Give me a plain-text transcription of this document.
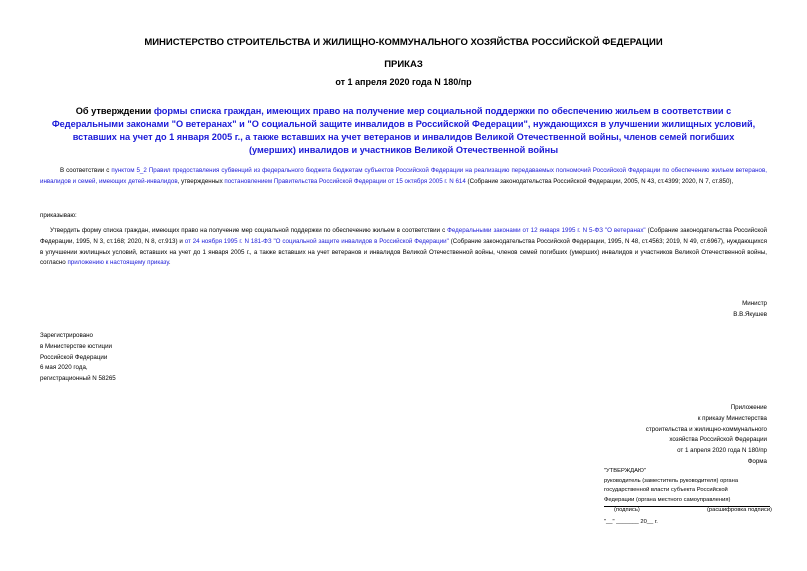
МИНИСТЕРСТВО СТРОИТЕЛЬСТВА И ЖИЛИЩНО-КОММУНАЛЬНОГО ХОЗЯЙСТВА РОССИЙСКОЙ ФЕДЕРАЦИИ
ПРИКАЗ
от 1 апреля 2020 года N 180/пр
Об утверждении формы списка граждан, имеющих право на получение мер социальной поддержки по обеспечению жильем в соответствии с Федеральными законами "О ветеранах" и "О социальной защите инвалидов в Российской Федерации", нуждающихся в улучшении жилищных условий, вставших на учет до 1 января 2005 г., а также вставших на учет ветеранов и инвалидов Великой Отечественной войны, членов семей погибших (умерших) инвалидов и участников Великой Отечественной войны
В соответствии с пунктом 5_2 Правил предоставления субвенций из федерального бюджета бюджетам субъектов Российской Федерации на реализацию передаваемых полномочий Российской Федерации по обеспечению жильем ветеранов, инвалидов и семей, имеющих детей-инвалидов, утвержденных постановлением Правительства Российской Федерации от 15 октября 2005 г. N 614 (Собрание законодательства Российской Федерации, 2005, N 43, ст.4399; 2020, N 7, ст.850),
приказываю:
Утвердить форму списка граждан, имеющих право на получение мер социальной поддержки по обеспечению жильем в соответствии с Федеральными законами от 12 января 1995 г. N 5-ФЗ "О ветеранах" (Собрание законодательства Российской Федерации, 1995, N 3, ст.168; 2020, N 8, ст.913) и от 24 ноября 1995 г. N 181-ФЗ "О социальной защите инвалидов в Российской Федерации" (Собрание законодательства Российской Федерации, 1995, N 48, ст.4563; 2019, N 49, ст.6967), нуждающихся в улучшении жилищных условий, вставших на учет до 1 января 2005 г., а также вставших на учет ветеранов и инвалидов Великой Отечественной войны, членов семей погибших (умерших) инвалидов и участников Великой Отечественной войны, согласно приложению к настоящему приказу.
Министр
В.В.Якушев
Зарегистрировано
в Министерстве юстиции
Российской Федерации
6 мая 2020 года,
регистрационный N 58265
Приложение
к приказу Министерства
строительства и жилищно-коммунального
хозяйства Российской Федерации
от 1 апреля 2020 года N 180/пр
Форма
"УТВЕРЖДАЮ"
руководитель (заместитель руководителя) органа
государственной власти субъекта Российской
Федерации (органа местного самоуправления)
(подпись)	(расшифровка подписи)
"__" _______ 20__ г.
